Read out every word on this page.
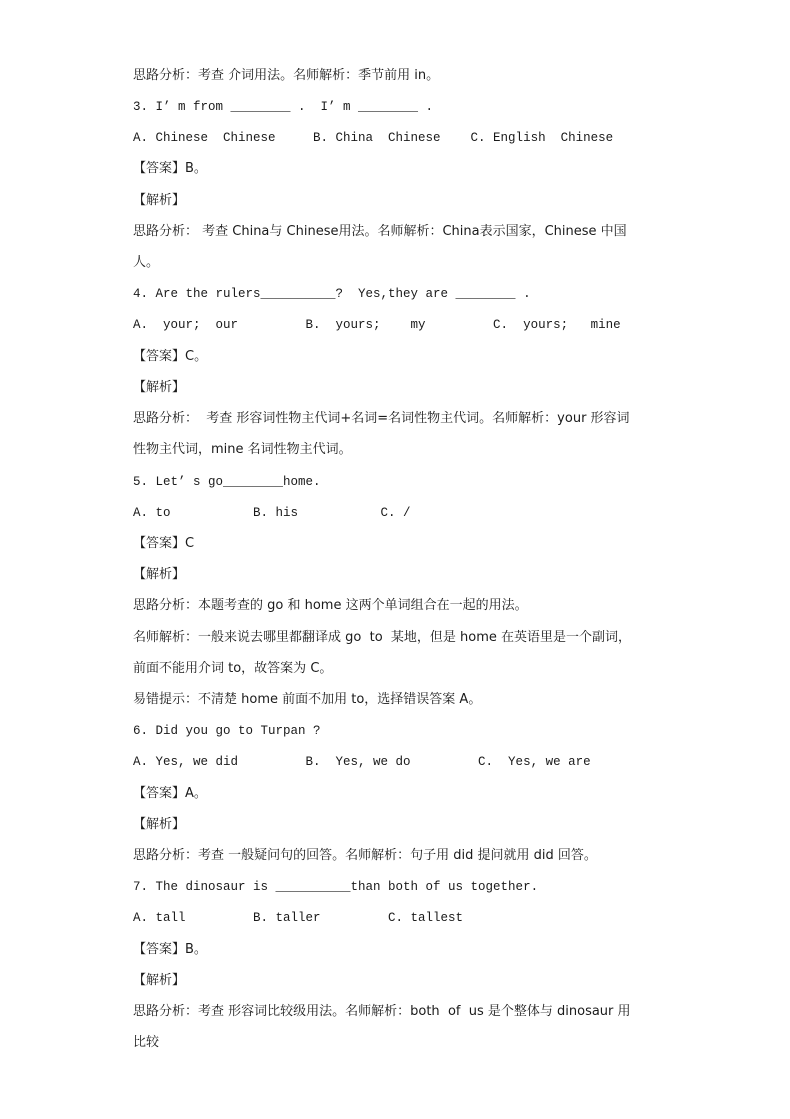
思路分析：考查 介词用法。名师解析：季节前用 in。
3. I’ m from ________ .  I’ m ________ .
A. Chinese  Chinese     B. China  Chinese    C. English  Chinese
【答案】B。
【解析】
思路分析： 考查 China与 Chinese用法。名师解析：China表示国家，Chinese 中国
人。
4. Are the rulers__________?  Yes,they are ________ .
A.  your;  our         B.  yours;    my         C.  yours;   mine
【答案】C。
【解析】
思路分析：  考查 形容词性物主代词+名词=名词性物主代词。名师解析：your 形容词
性物主代词，mine 名词性物主代词。
5. Let’ s go________home.
A. to           B. his           C. /
【答案】C
【解析】
思路分析：本题考查的 go 和 home 这两个单词组合在一起的用法。
名师解析：一般来说去哪里都翻译成 go  to  某地，但是 home 在英语里是一个副词，
前面不能用介词 to，故答案为 C。
易错提示：不清楚 home 前面不加用 to，选择错误答案 A。
6. Did you go to Turpan ?
A. Yes, we did         B.  Yes, we do         C.  Yes, we are
【答案】A。
【解析】
思路分析：考查 一般疑问句的回答。名师解析：句子用 did 提问就用 did 回答。
7. The dinosaur is __________than both of us together.
A. tall         B. taller         C. tallest
【答案】B。
【解析】
思路分析：考查 形容词比较级用法。名师解析：both  of  us 是个整体与 dinosaur 用
比较
